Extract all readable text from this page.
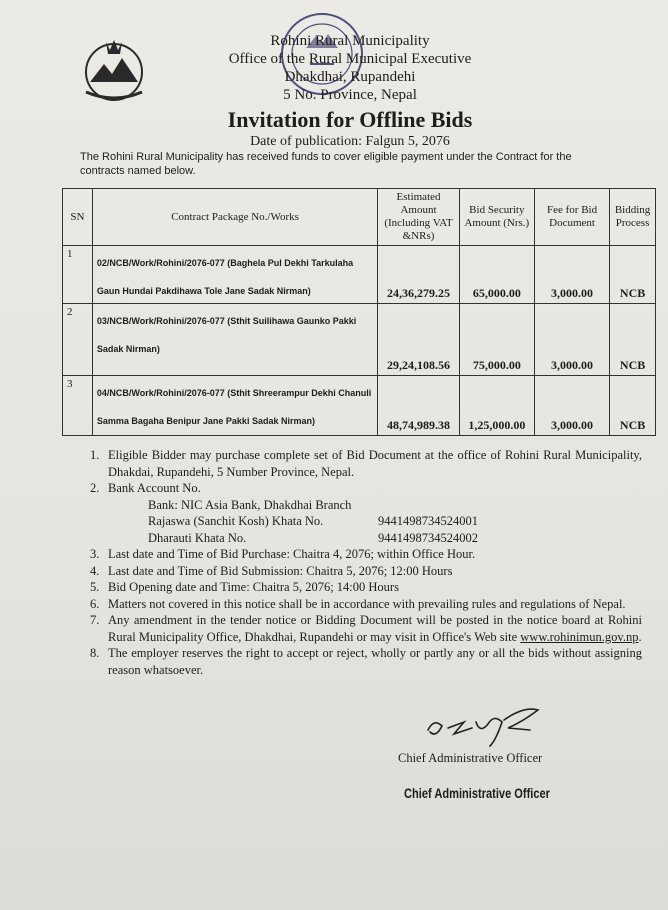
Rohini Rural Municipality
Office of the Rural Municipal Executive
Dhakdhai, Rupandehi
5 No. Province, Nepal
Invitation for Offline Bids
Date of publication: Falgun 5, 2076
The Rohini Rural Municipality has received funds to cover eligible payment under the Contract for the contracts named below.
SN	Contract Package No./Works	Estimated Amount (Including VAT &NRs)	Bid Security Amount (Nrs.)	Fee for Bid Document	Bidding Process
1	02/NCB/Work/Rohini/2076-077 (Baghela Pul Dekhi Tarkulaha
Gaun Hundai Pakdihawa Tole Jane Sadak Nirman)	24,36,279.25	65,000.00	3,000.00	NCB
2	03/NCB/Work/Rohini/2076-077 (Sthit Suilihawa Gaunko Pakki
Sadak Nirman)	29,24,108.56	75,000.00	3,000.00	NCB
3	04/NCB/Work/Rohini/2076-077 (Sthit Shreerampur Dekhi Chanuli
Samma Bagaha Benipur Jane Pakki Sadak Nirman)	48,74,989.38	1,25,000.00	3,000.00	NCB
1. Eligible Bidder may purchase complete set of Bid Document at the office of Rohini Rural Municipality, Dhakdai, Rupandehi, 5 Number Province, Nepal.
2. Bank Account No.
Bank: NIC Asia Bank, Dhakdhai Branch
Rajaswa (Sanchit Kosh) Khata No.	9441498734524001
Dharauti Khata No.	9441498734524002
3. Last date and Time of Bid Purchase: Chaitra 4, 2076; within Office Hour.
4. Last date and Time of Bid Submission: Chaitra 5, 2076; 12:00 Hours
5. Bid Opening date and Time: Chaitra 5, 2076; 14:00 Hours
6. Matters not covered in this notice shall be in accordance with prevailing rules and regulations of Nepal.
7. Any amendment in the tender notice or Bidding Document will be posted in the notice board at Rohini Rural Municipality Office, Dhakdhai, Rupandehi or may visit in Office's Web site www.rohinimun.gov.np.
8. The employer reserves the right to accept or reject, wholly or partly any or all the bids without assigning reason whatsoever.
Chief Administrative Officer
Chief Administrative Officer
